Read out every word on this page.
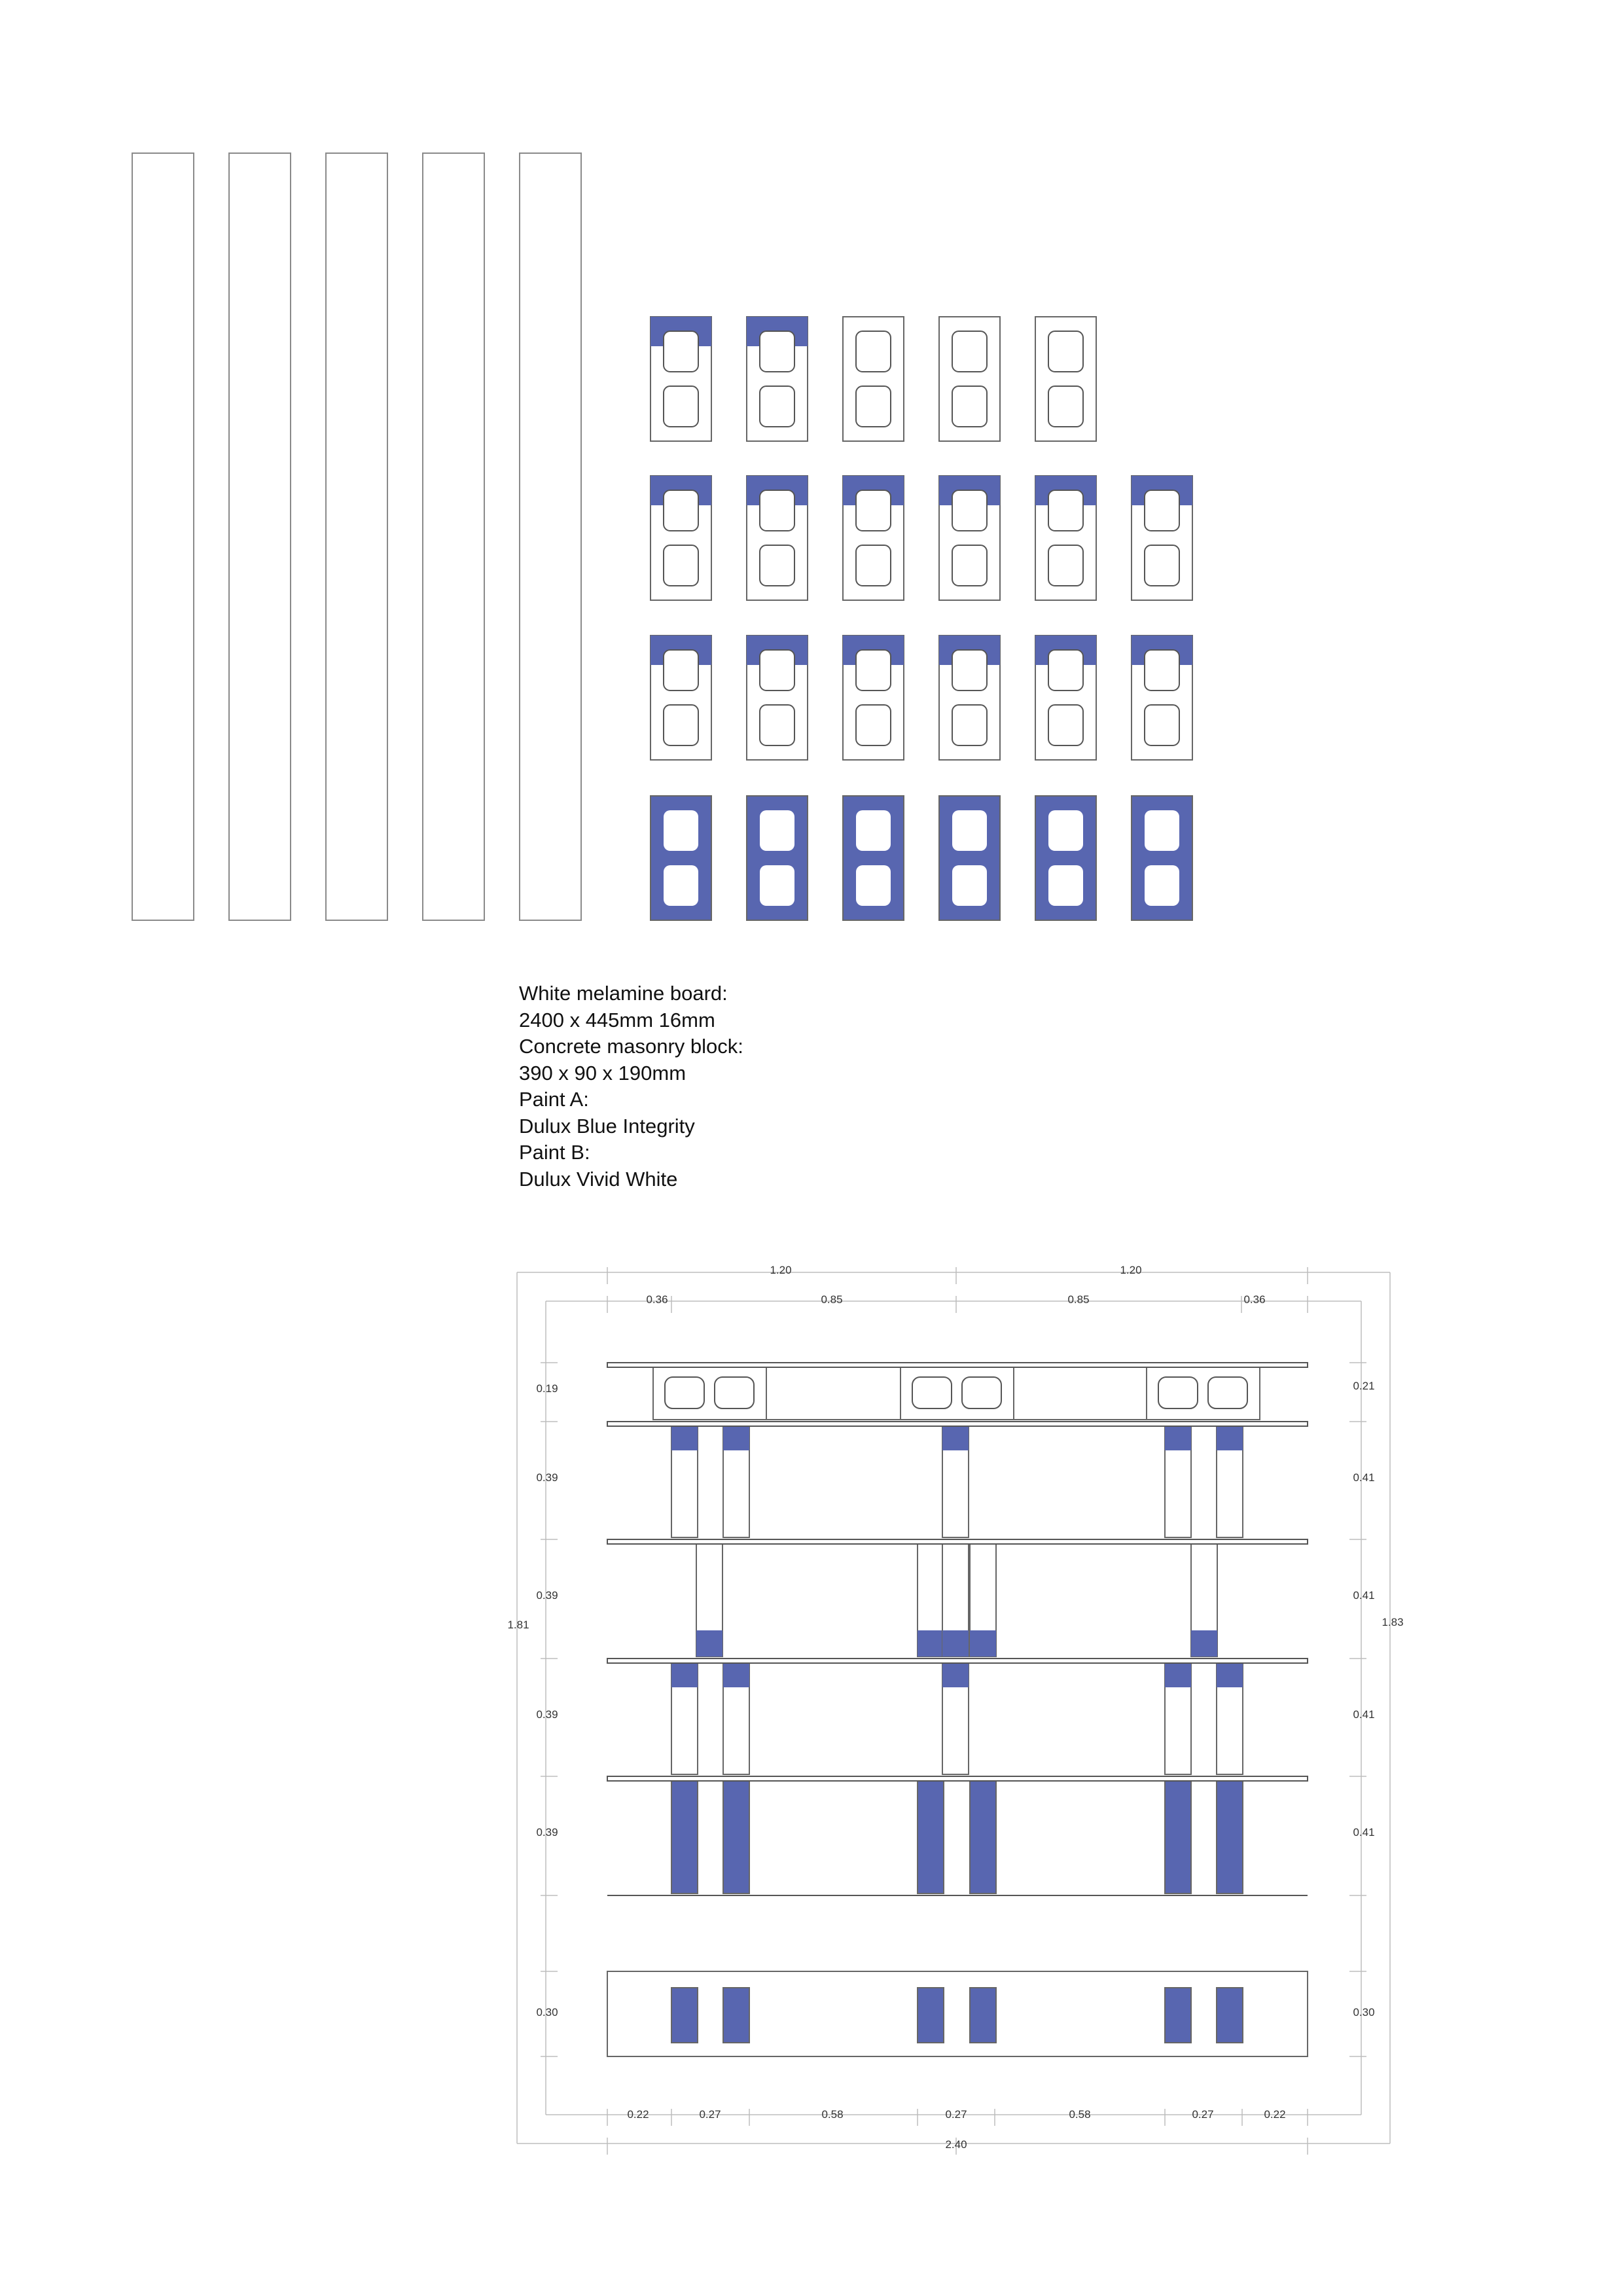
1.20	1.20
0.36	0.85	0.85	0.36
0.22	0.27	0.58	0.27	0.58	0.27	0.22
2.40
0.19
0.39
0.39
0.39
0.39
0.30
0.21
0.41
0.41
0.41
0.41
0.30
1.81	1.83
White melamine board:
2400 x 445mm 16mm
Concrete masonry block:
390 x 90 x 190mm
Paint A:
Dulux Blue Integrity
Paint B:
Dulux Vivid White
